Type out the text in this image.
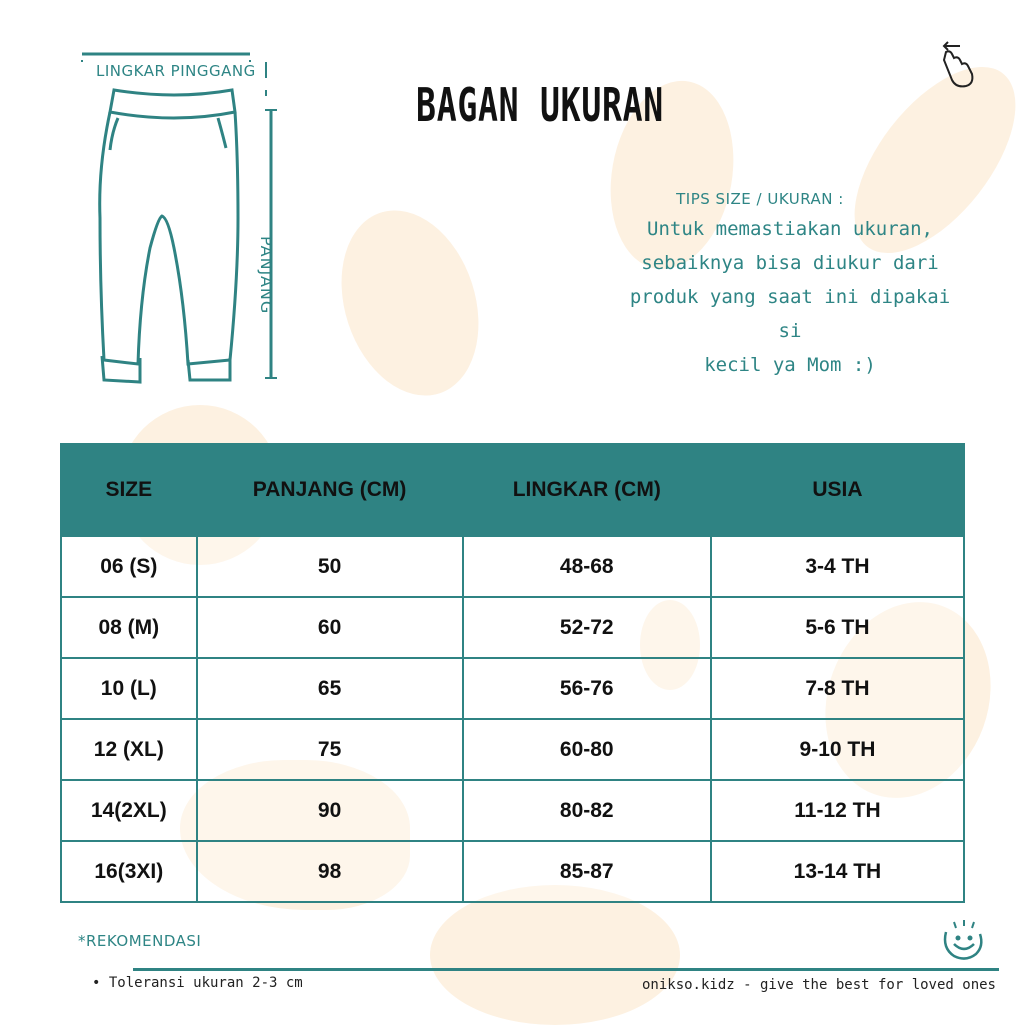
BAGAN UKURAN
LINGKAR PINGGANG
PANJANG
TIPS SIZE / UKURAN :
Untuk memastiakan ukuran,
sebaiknya bisa diukur dari
produk yang saat ini dipakai si
kecil ya Mom :)
SIZE	PANJANG (CM)	LINGKAR (CM)	USIA
06 (S)	50	48-68	3-4 TH
08 (M)	60	52-72	5-6 TH
10 (L)	65	56-76	7-8 TH
12 (XL)	75	60-80	9-10 TH
14(2XL)	90	80-82	11-12 TH
16(3XI)	98	85-87	13-14 TH
*REKOMENDASI
• Toleransi ukuran 2-3 cm	onikso.kidz - give the best for loved ones
